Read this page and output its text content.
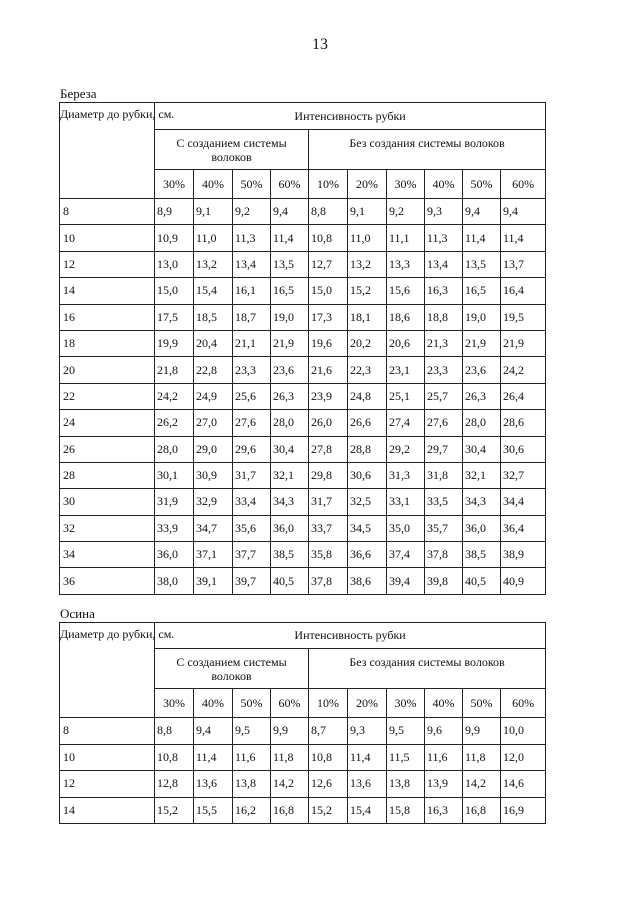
13
Береза
Диаметр до рубки, см.	Интенсивность рубки									
	С созданием системы волоков				Без создания системы волоков					
	30%	40%	50%	60%	10%	20%	30%	40%	50%	60%
8	8,9	9,1	9,2	9,4	8,8	9,1	9,2	9,3	9,4	9,4
10	10,9	11,0	11,3	11,4	10,8	11,0	11,1	11,3	11,4	11,4
12	13,0	13,2	13,4	13,5	12,7	13,2	13,3	13,4	13,5	13,7
14	15,0	15,4	16,1	16,5	15,0	15,2	15,6	16,3	16,5	16,4
16	17,5	18,5	18,7	19,0	17,3	18,1	18,6	18,8	19,0	19,5
18	19,9	20,4	21,1	21,9	19,6	20,2	20,6	21,3	21,9	21,9
20	21,8	22,8	23,3	23,6	21,6	22,3	23,1	23,3	23,6	24,2
22	24,2	24,9	25,6	26,3	23,9	24,8	25,1	25,7	26,3	26,4
24	26,2	27,0	27,6	28,0	26,0	26,6	27,4	27,6	28,0	28,6
26	28,0	29,0	29,6	30,4	27,8	28,8	29,2	29,7	30,4	30,6
28	30,1	30,9	31,7	32,1	29,8	30,6	31,3	31,8	32,1	32,7
30	31,9	32,9	33,4	34,3	31,7	32,5	33,1	33,5	34,3	34,4
32	33,9	34,7	35,6	36,0	33,7	34,5	35,0	35,7	36,0	36,4
34	36,0	37,1	37,7	38,5	35,8	36,6	37,4	37,8	38,5	38,9
36	38,0	39,1	39,7	40,5	37,8	38,6	39,4	39,8	40,5	40,9
Осина
Диаметр до рубки, см.	Интенсивность рубки									
	С созданием системы волоков				Без создания системы волоков					
	30%	40%	50%	60%	10%	20%	30%	40%	50%	60%
8	8,8	9,4	9,5	9,9	8,7	9,3	9,5	9,6	9,9	10,0
10	10,8	11,4	11,6	11,8	10,8	11,4	11,5	11,6	11,8	12,0
12	12,8	13,6	13,8	14,2	12,6	13,6	13,8	13,9	14,2	14,6
14	15,2	15,5	16,2	16,8	15,2	15,4	15,8	16,3	16,8	16,9
